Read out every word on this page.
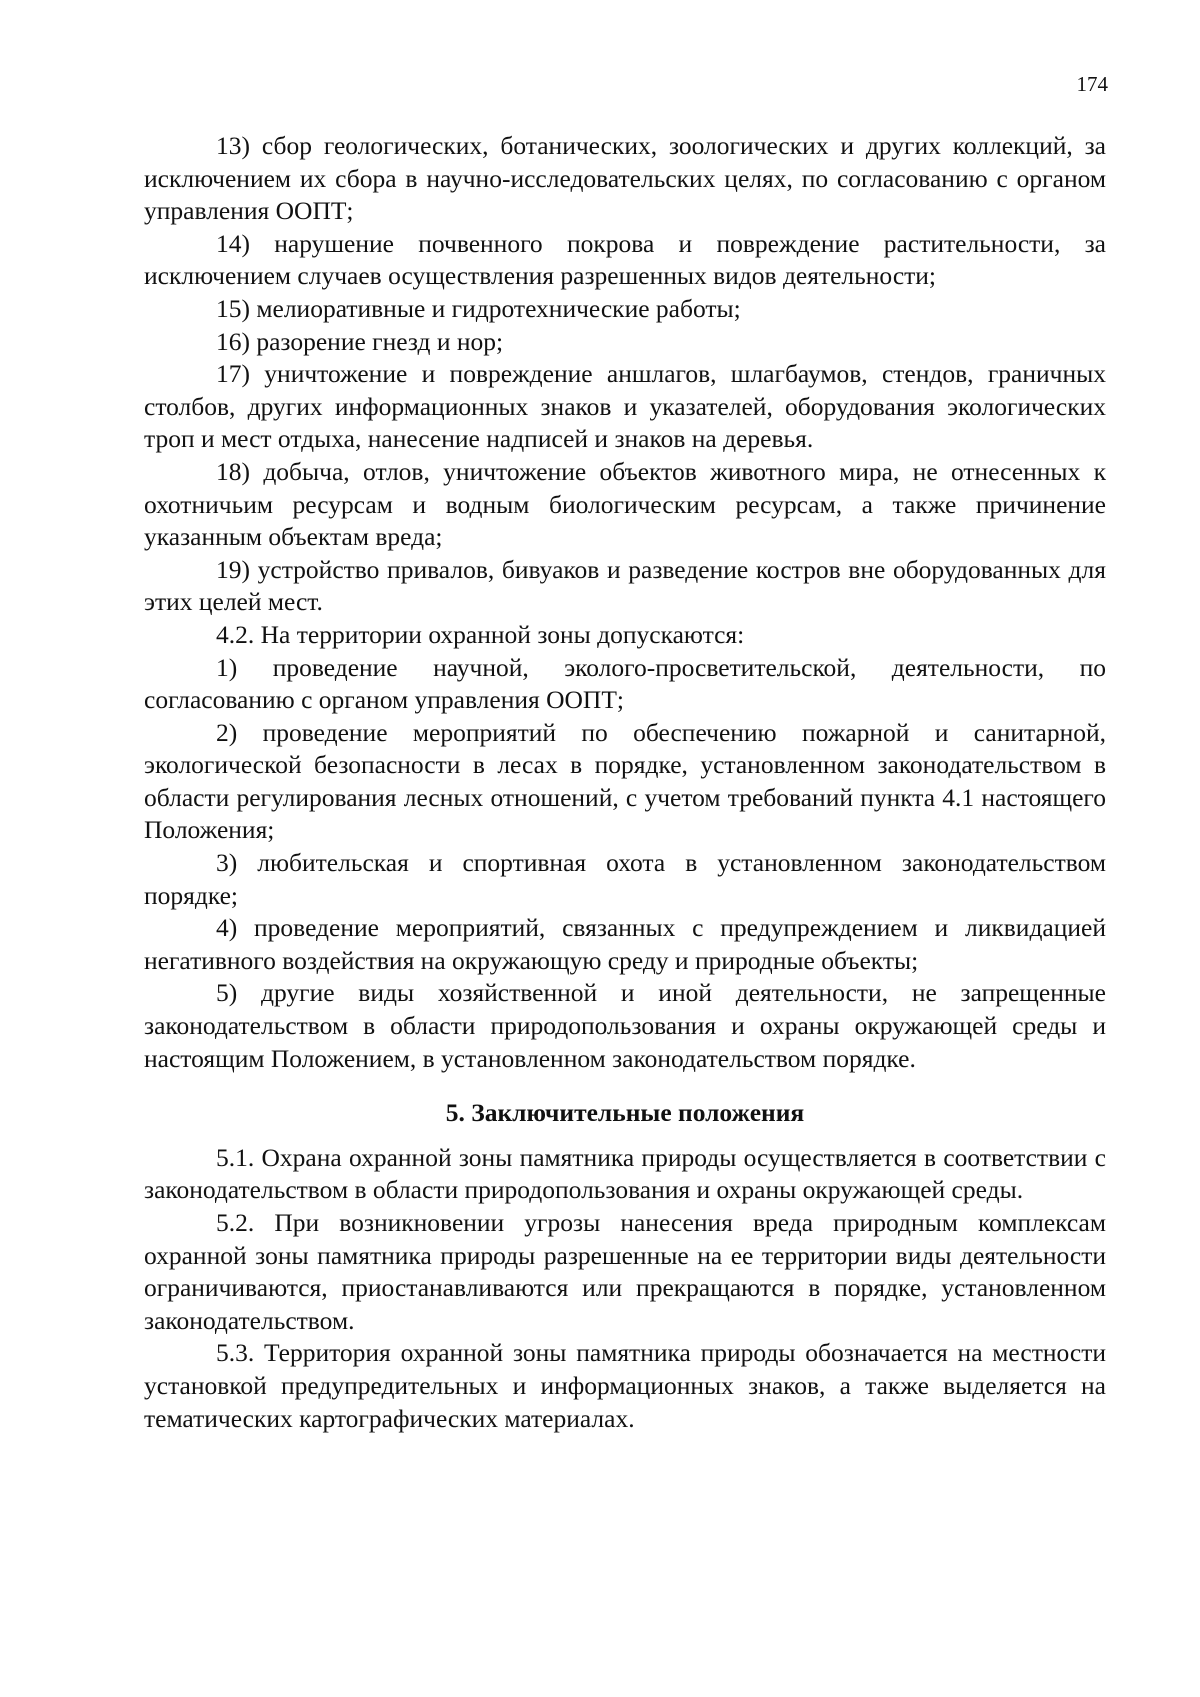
174

13) сбор геологических, ботанических, зоологических и других коллекций, за исключением их сбора в научно-исследовательских целях, по согласованию с органом управления ООПТ;

14) нарушение почвенного покрова и повреждение растительности, за исключением случаев осуществления разрешенных видов деятельности;

15) мелиоративные и гидротехнические работы;

16) разорение гнезд и нор;

17) уничтожение и повреждение аншлагов, шлагбаумов, стендов, граничных столбов, других информационных знаков и указателей, оборудования экологических троп и мест отдыха, нанесение надписей и знаков на деревья.

18) добыча, отлов, уничтожение объектов животного мира, не отнесенных к охотничьим ресурсам и водным биологическим ресурсам, а также причинение указанным объектам вреда;

19) устройство привалов, бивуаков и разведение костров вне оборудованных для этих целей мест.

4.2. На территории охранной зоны допускаются:

1) проведение научной, эколого-просветительской, деятельности, по согласованию с органом управления ООПТ;

2) проведение мероприятий по обеспечению пожарной и санитарной, экологической безопасности в лесах в порядке, установленном законодательством в области регулирования лесных отношений, с учетом требований пункта 4.1 настоящего Положения;

3) любительская и спортивная охота в установленном законодательством порядке;

4) проведение мероприятий, связанных с предупреждением и ликвидацией негативного воздействия на окружающую среду и природные объекты;

5) другие виды хозяйственной и иной деятельности, не запрещенные законодательством в области природопользования и охраны окружающей среды и настоящим Положением, в установленном законодательством порядке.

5. Заключительные положения

5.1. Охрана охранной зоны памятника природы осуществляется в соответствии с законодательством в области природопользования и охраны окружающей среды.

5.2. При возникновении угрозы нанесения вреда природным комплексам охранной зоны памятника природы разрешенные на ее территории виды деятельности ограничиваются, приостанавливаются или прекращаются в порядке, установленном законодательством.

5.3. Территория охранной зоны памятника природы обозначается на местности установкой предупредительных и информационных знаков, а также выделяется на тематических картографических материалах.
